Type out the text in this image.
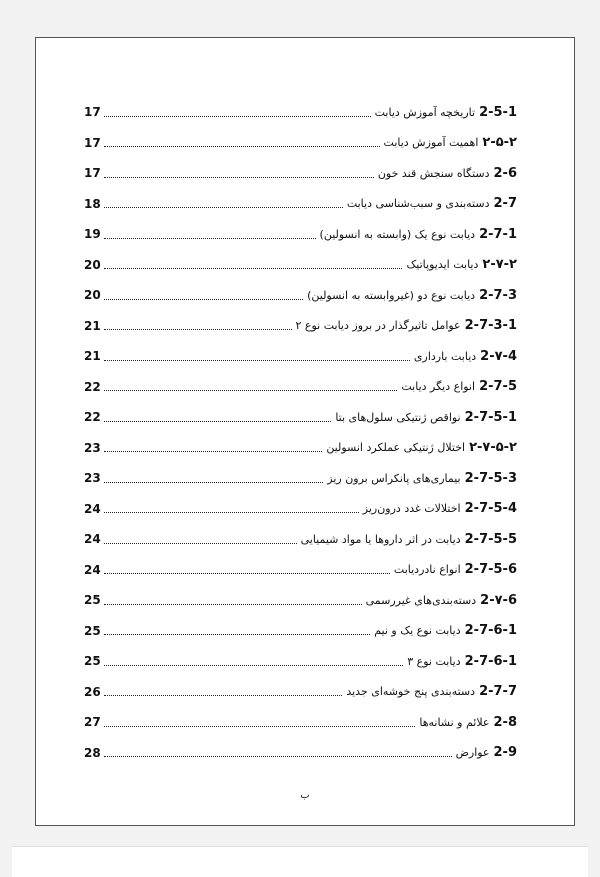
2-5-1
تاریخچه آموزش دیابت
17
۲-۵-۲
اهمیت آموزش دیابت
17
2-6
دستگاه سنجش قند خون
17
2-7
دسته‌بندی و سبب‌شناسی دیابت
18
2-7-1
دیابت نوع یک (وابسته به انسولین)
19
۲-۷-۲
دیابت ایدیوپاتیک
20
2-7-3
دیابت نوع دو (غیروابسته به انسولین)
20
2-7-3-1
عوامل تاثیرگذار در بروز دیابت نوع ۲
21
2-۷-4
دیابت بارداری
21
2-7-5
انواع دیگر دیابت
22
2-7-5-1
نواقص ژنتیکی سلول‌های بتا
22
۲-۷-۵-۲
اختلال ژنتیکی عملکرد انسولین
23
2-7-5-3
بیماری‌های پانکراس برون ریز
23
2-7-5-4
اختلالات غدد درون‌ریز
24
2-7-5-5
دیابت در اثر داروها یا مواد شیمیایی
24
2-7-5-6
انواع نادردیابت
24
2-۷-6
دسته‌بندی‌های غیررسمی
25
2-7-6-1
دیابت نوع یک و نیم
25
2-7-6-1
دیابت نوع ۳
25
2-7-7
دسته‌بندی پنج خوشه‌ای جدید
26
2-8
علائم و نشانه‌ها
27
2-9
عوارض
28
ب
